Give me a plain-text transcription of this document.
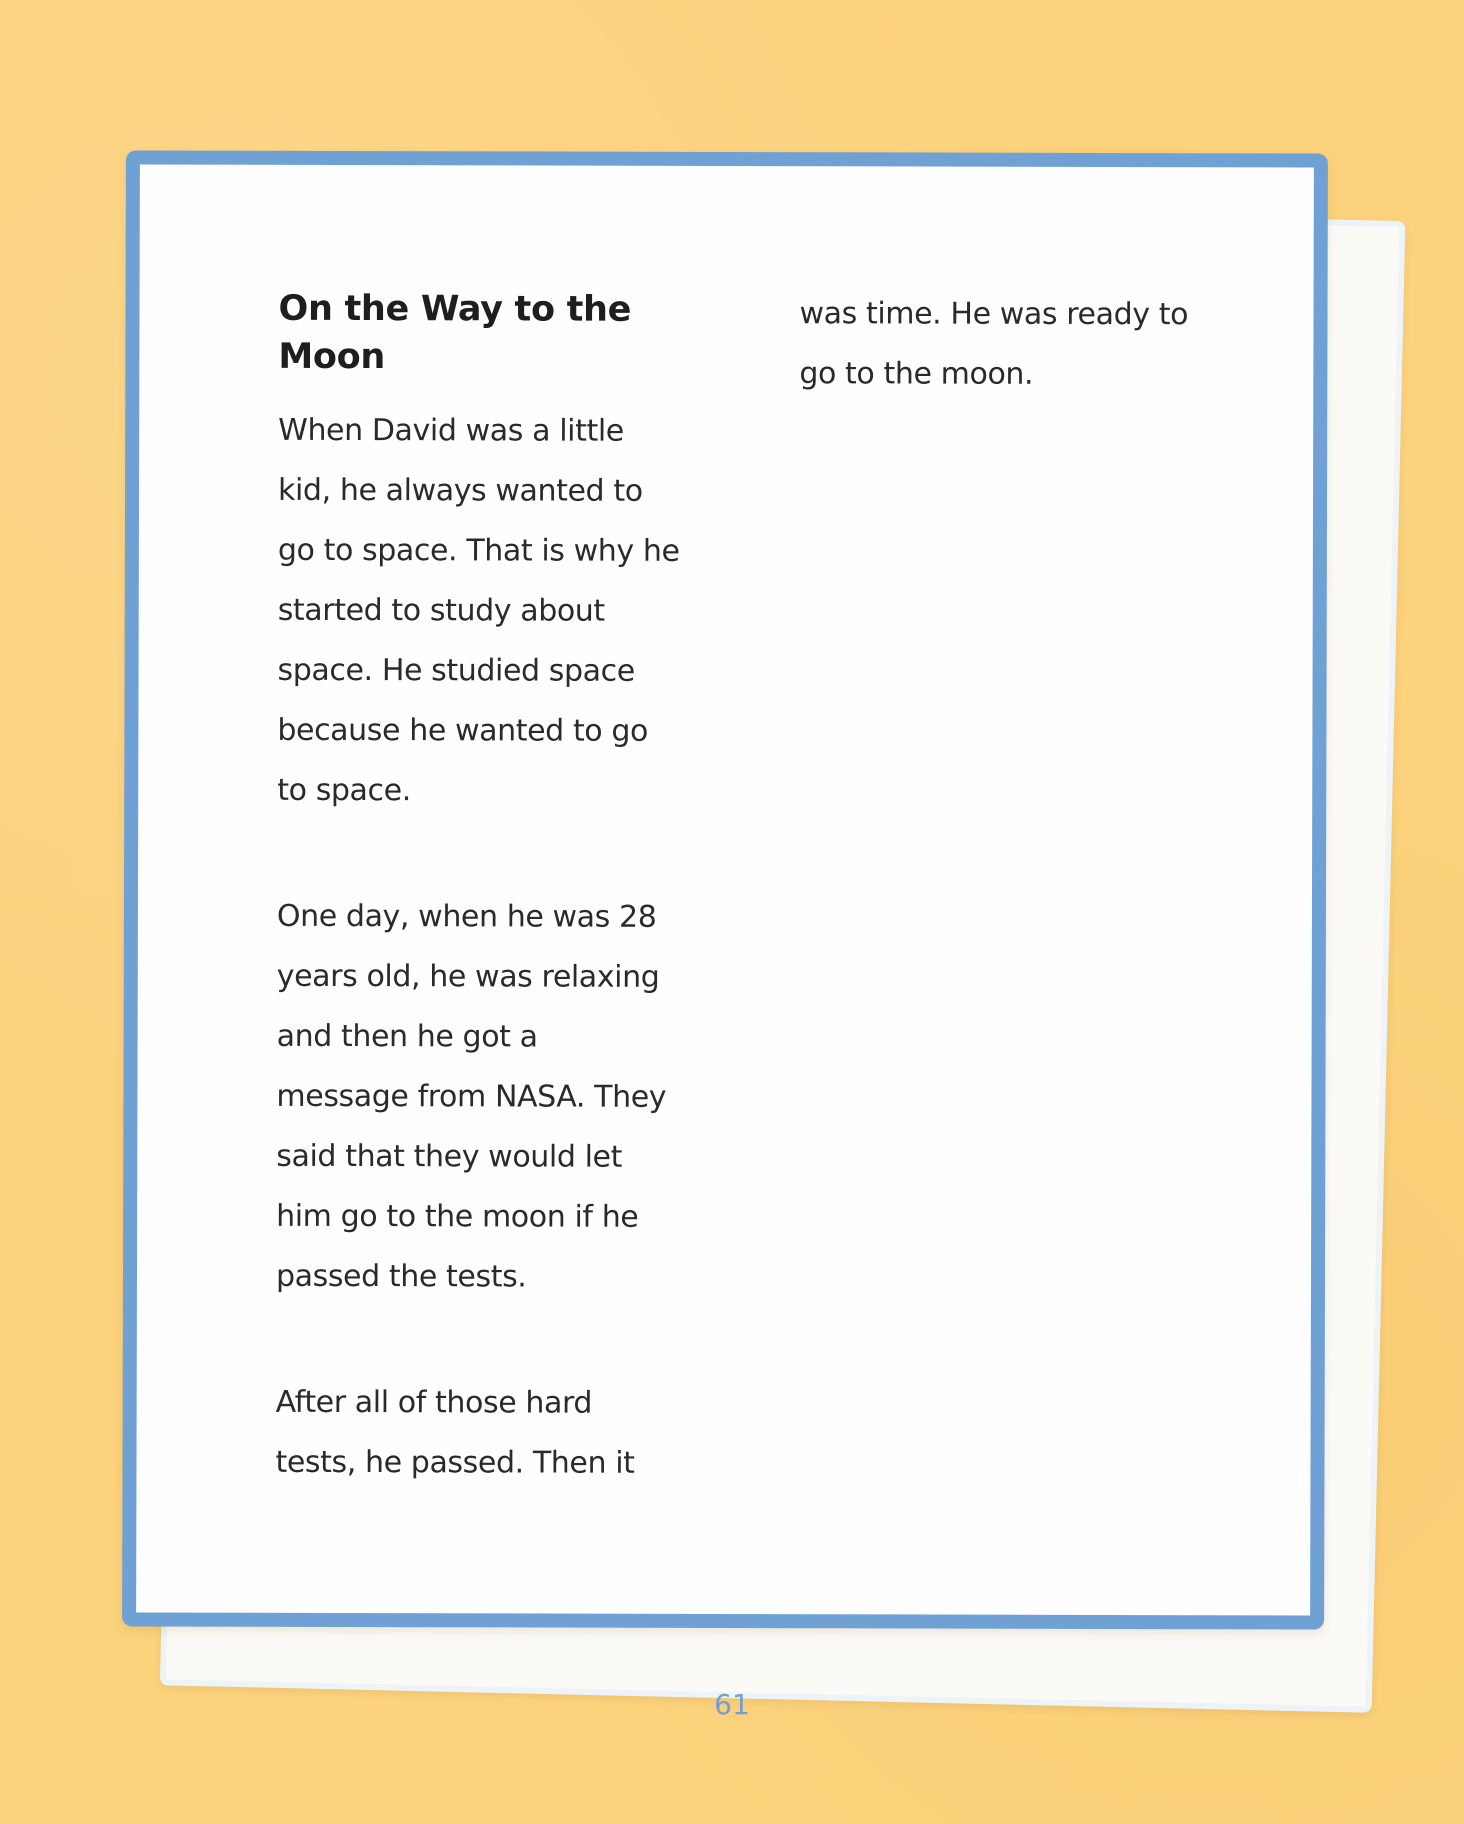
On the Way to the
Moon

When David was a little
kid, he always wanted to
go to space. That is why he
started to study about
space. He studied space
because he wanted to go
to space.

One day, when he was 28
years old, he was relaxing
and then he got a
message from NASA. They
said that they would let
him go to the moon if he
passed the tests.

After all of those hard
tests, he passed. Then it

was time. He was ready to
go to the moon.

61
